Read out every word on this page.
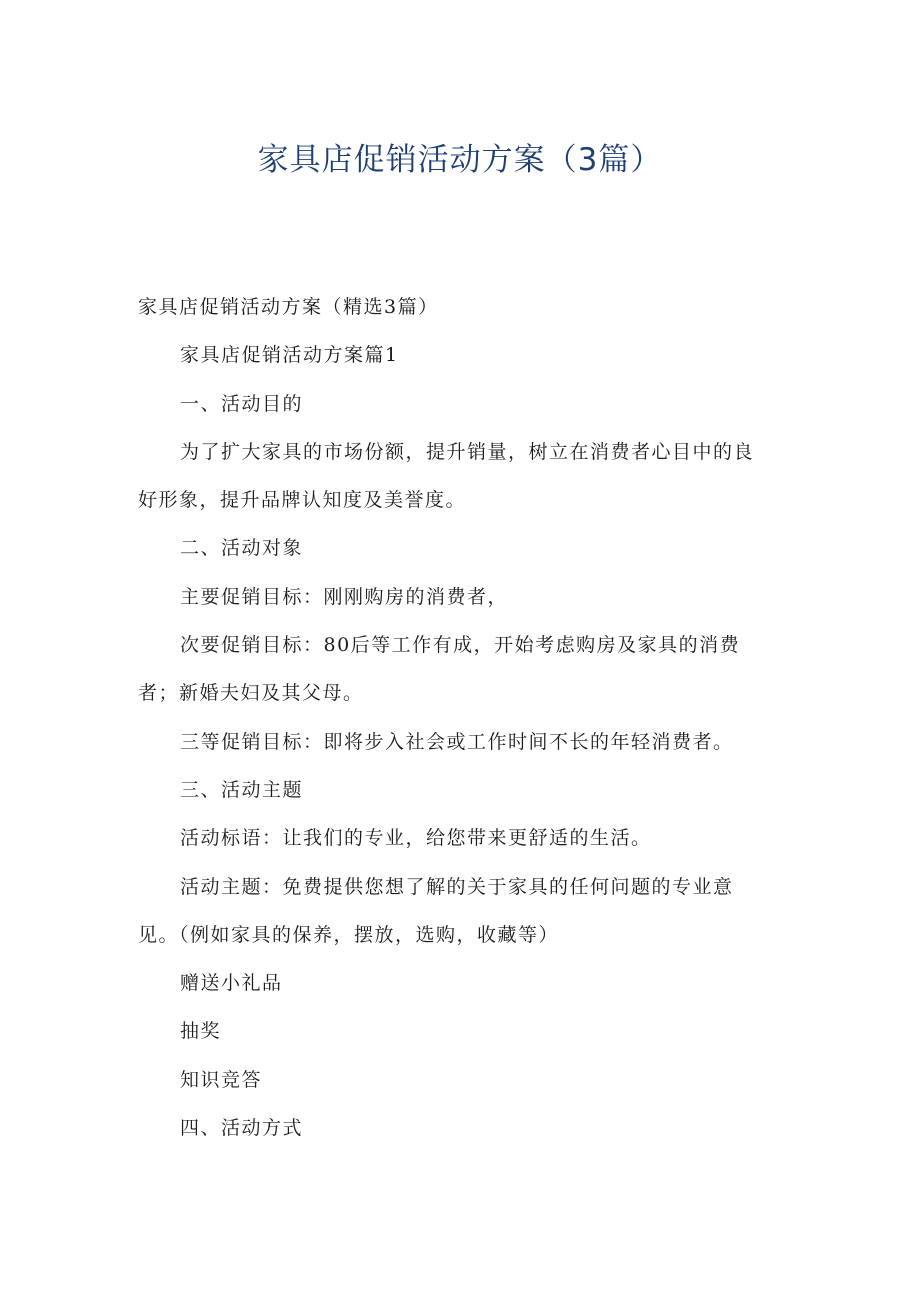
家具店促销活动方案（3篇）

家具店促销活动方案（精选3篇）

家具店促销活动方案篇1

一、活动目的

为了扩大家具的市场份额，提升销量，树立在消费者心目中的良好形象，提升品牌认知度及美誉度。

二、活动对象

主要促销目标：刚刚购房的消费者，

次要促销目标：80后等工作有成，开始考虑购房及家具的消费者；新婚夫妇及其父母。

三等促销目标：即将步入社会或工作时间不长的年轻消费者。

三、活动主题

活动标语：让我们的专业，给您带来更舒适的生活。

活动主题：免费提供您想了解的关于家具的任何问题的专业意见。（例如家具的保养，摆放，选购，收藏等）

赠送小礼品

抽奖

知识竞答

四、活动方式
